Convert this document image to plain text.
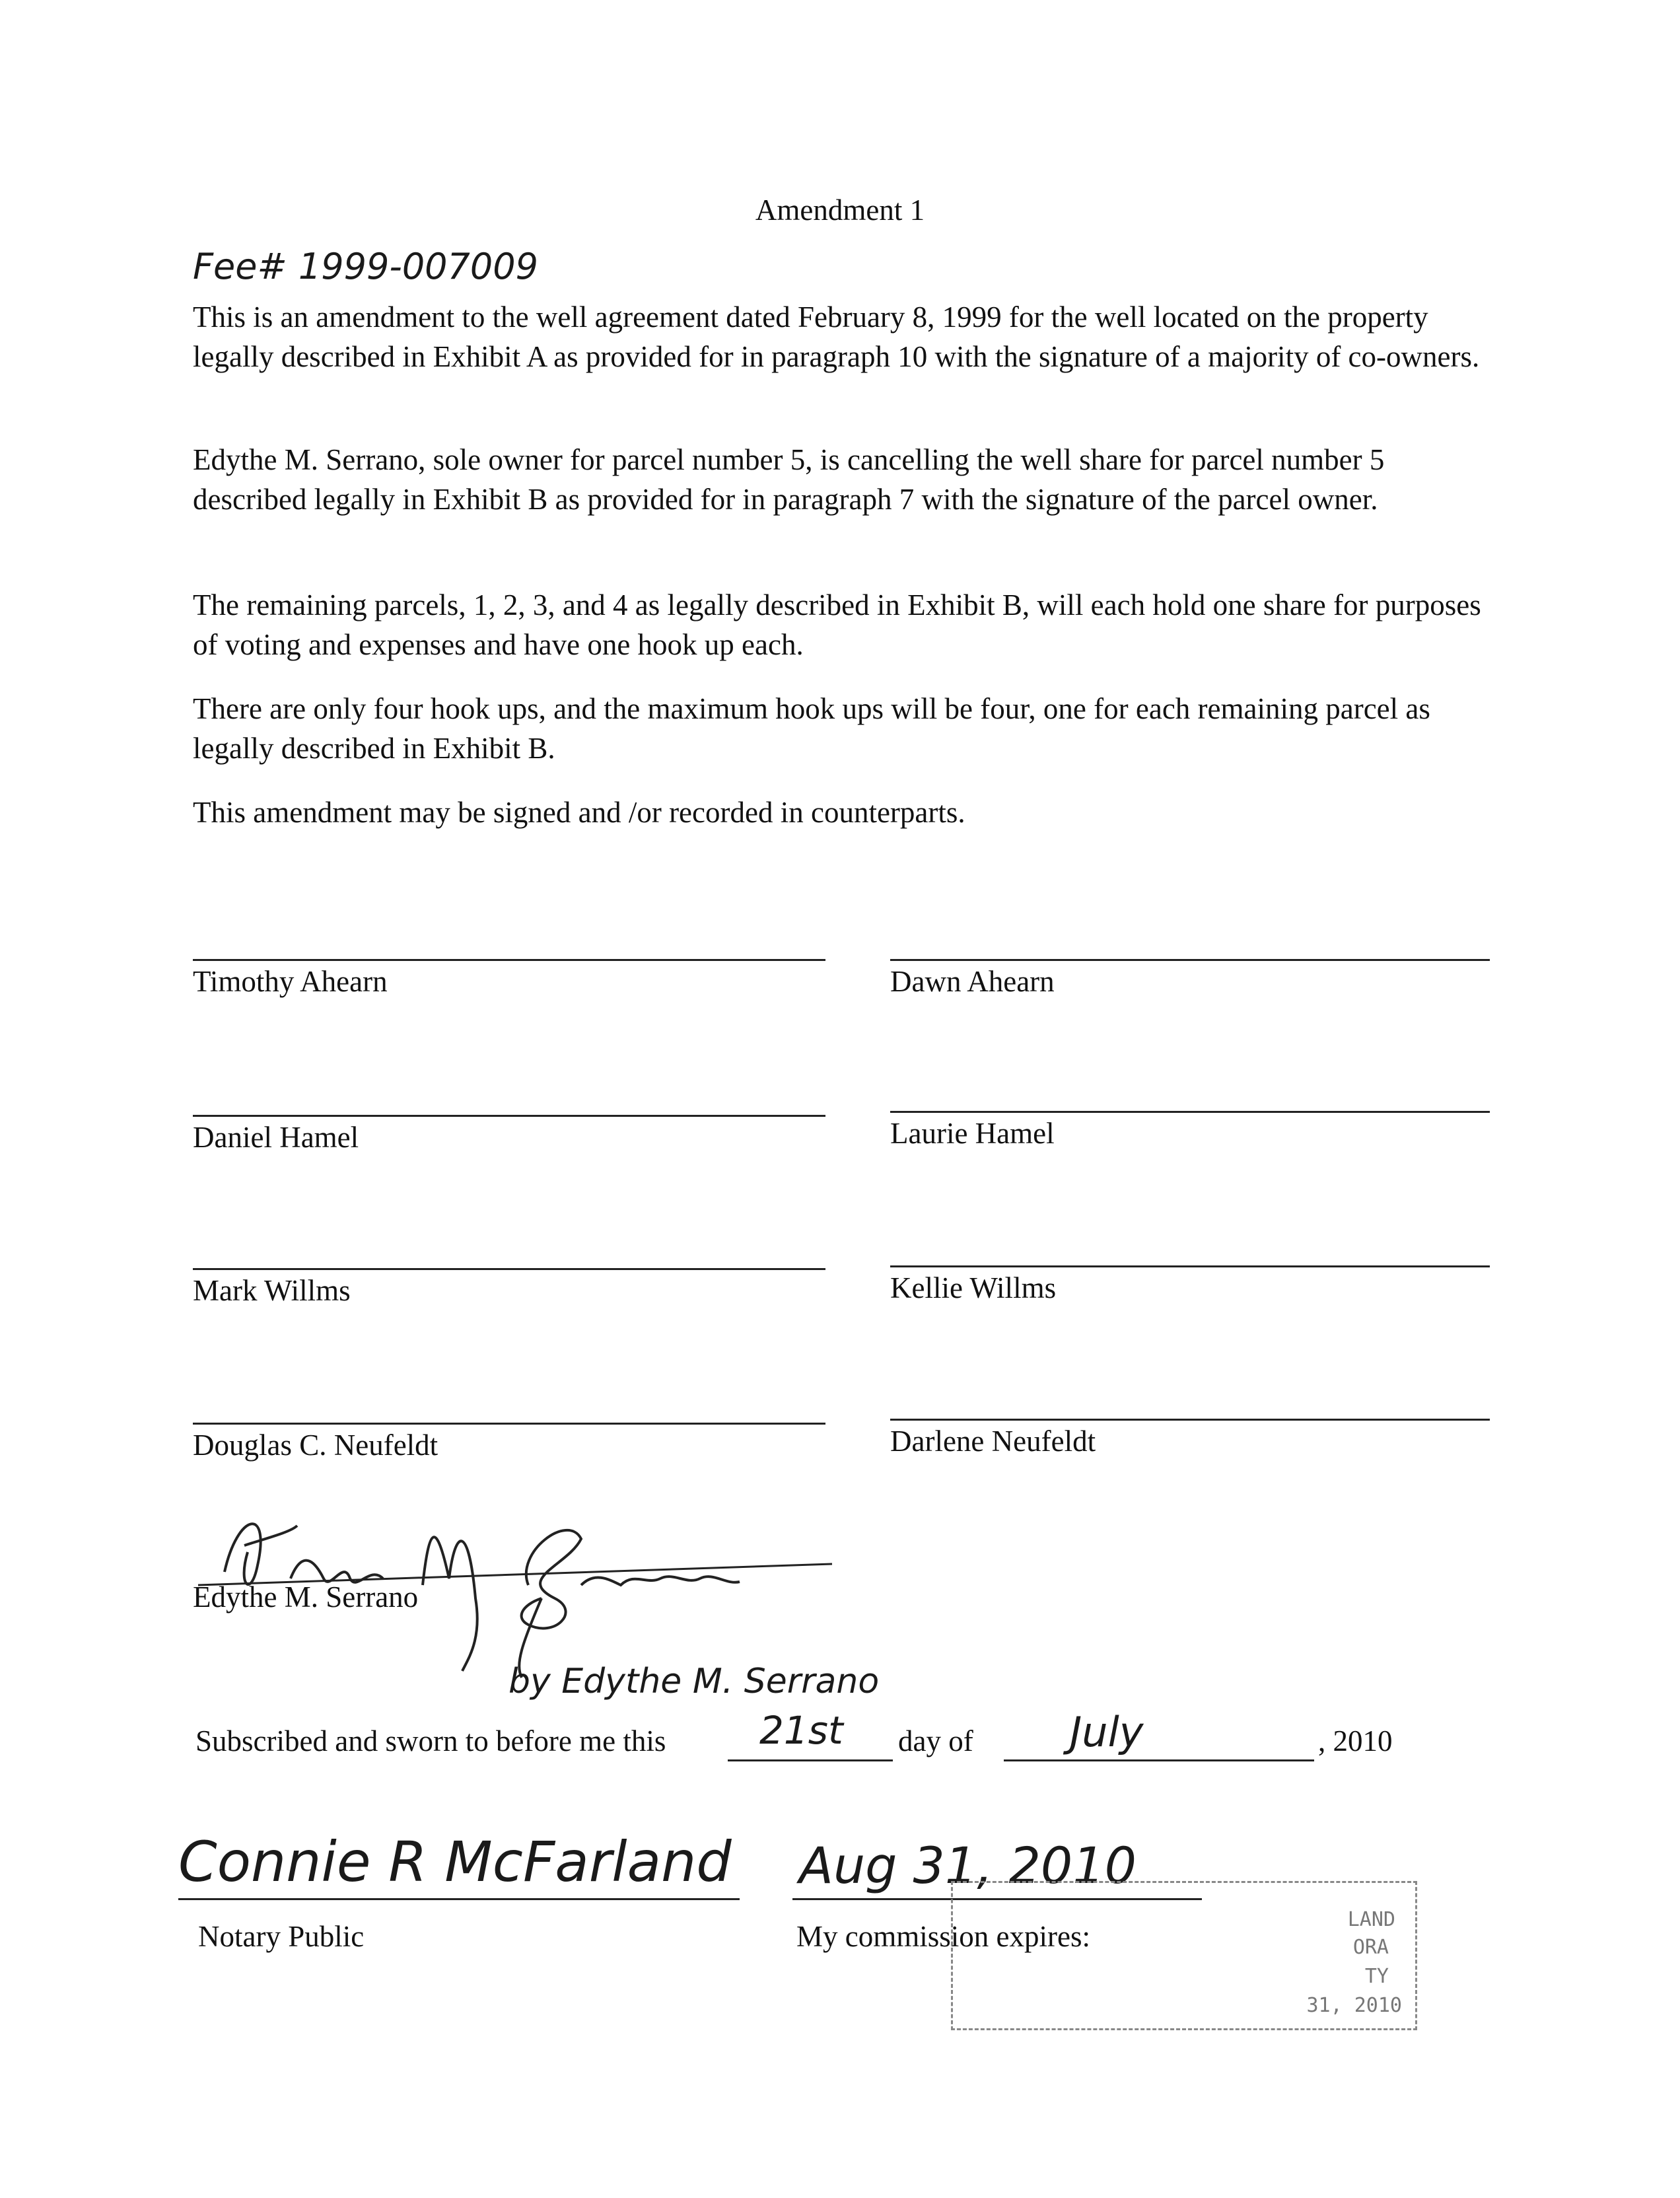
Amendment 1
Fee# 1999-007009
This is an amendment to the well agreement dated February 8, 1999 for the well located on the property legally described in Exhibit A as provided for in paragraph 10 with the signature of a majority of co-owners.
Edythe M. Serrano, sole owner for parcel number 5, is cancelling the well share for parcel number 5 described legally in Exhibit B as provided for in paragraph 7 with the signature of the parcel owner.
The remaining parcels, 1, 2, 3, and 4 as legally described in Exhibit B, will each hold one share for purposes of voting and expenses and have one hook up each.
There are only four hook ups, and the maximum hook ups will be four, one for each remaining parcel as legally described in Exhibit B.
This amendment may be signed and /or recorded in counterparts.
Timothy Ahearn
Daniel Hamel
Mark Willms
Douglas C. Neufeldt
Dawn Ahearn
Laurie Hamel
Kellie Willms
Darlene Neufeldt
Edythe M. Serrano
by Edythe M. Serrano
Subscribed and sworn to before me this 21st day of July	, 2010
Connie R McFarland Aug 31, 2010
Notary Public	My commission expires:
LAND
ORA
TY
31, 2010
